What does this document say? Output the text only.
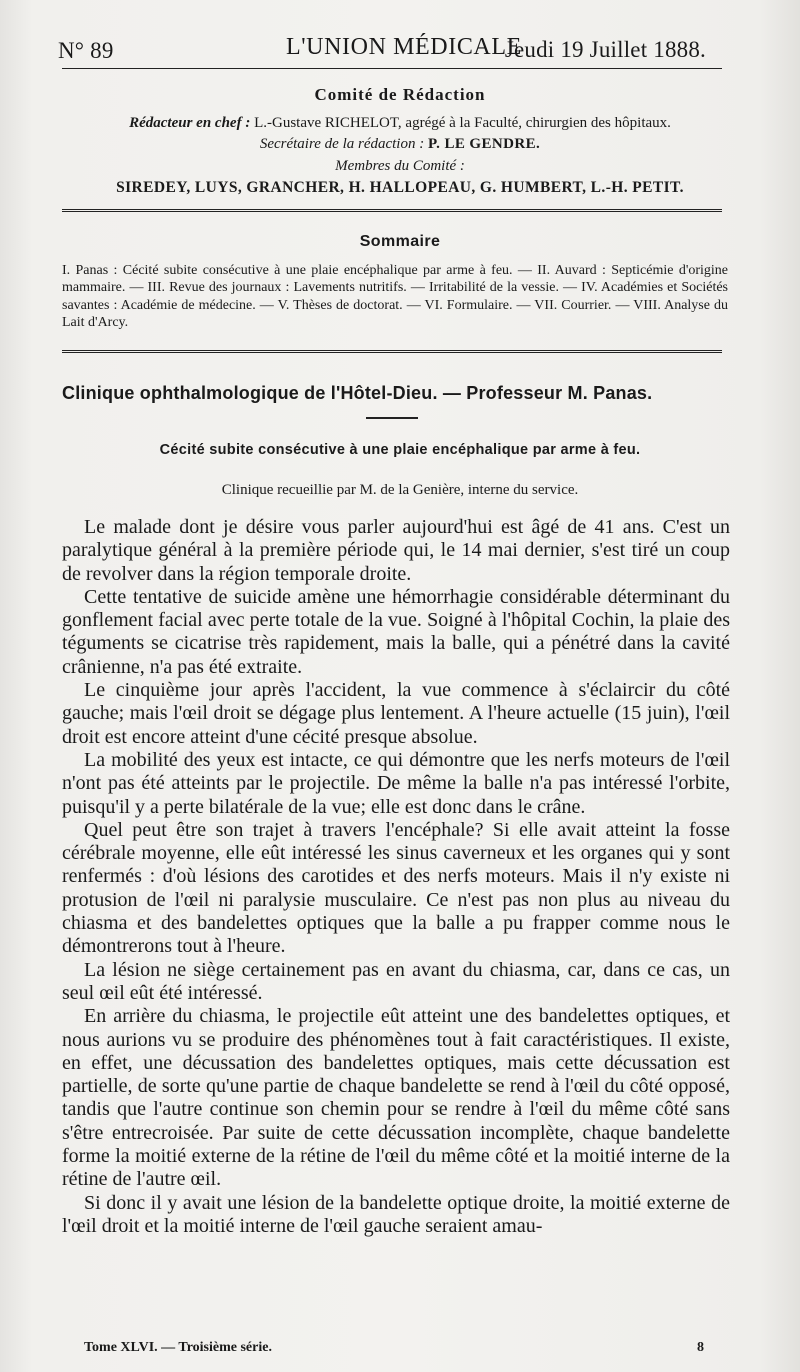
N° 89	L'UNION MÉDICALE
Jeudi 19 Juillet 1888.
Comité de Rédaction
Rédacteur en chef : L.-Gustave RICHELOT, agrégé à la Faculté, chirurgien des hôpitaux.
Secrétaire de la rédaction : P. LE GENDRE.
Membres du Comité :
SIREDEY, LUYS, GRANCHER, H. HALLOPEAU, G. HUMBERT, L.-H. PETIT.
Sommaire
I. Panas : Cécité subite consécutive à une plaie encéphalique par arme à feu. — II. Auvard : Septicémie d'origine mammaire. — III. Revue des journaux : Lavements nutritifs. — Irritabilité de la vessie. — IV. Académies et Sociétés savantes : Académie de médecine. — V. Thèses de doctorat. — VI. Formulaire. — VII. Courrier. — VIII. Analyse du Lait d'Arcy.
Clinique ophthalmologique de l'Hôtel-Dieu. — Professeur M. Panas.
Cécité subite consécutive à une plaie encéphalique par arme à feu.
Clinique recueillie par M. de la Genière, interne du service.

Le malade dont je désire vous parler aujourd'hui est âgé de 41 ans. C'est un paralytique général à la première période qui, le 14 mai dernier, s'est tiré un coup de revolver dans la région temporale droite.

Cette tentative de suicide amène une hémorrhagie considérable déterminant du gonflement facial avec perte totale de la vue. Soigné à l'hôpital Cochin, la plaie des téguments se cicatrise très rapidement, mais la balle, qui a pénétré dans la cavité crânienne, n'a pas été extraite.

Le cinquième jour après l'accident, la vue commence à s'éclaircir du côté gauche; mais l'œil droit se dégage plus lentement. A l'heure actuelle (15 juin), l'œil droit est encore atteint d'une cécité presque absolue.

La mobilité des yeux est intacte, ce qui démontre que les nerfs moteurs de l'œil n'ont pas été atteints par le projectile. De même la balle n'a pas intéressé l'orbite, puisqu'il y a perte bilatérale de la vue; elle est donc dans le crâne.

Quel peut être son trajet à travers l'encéphale? Si elle avait atteint la fosse cérébrale moyenne, elle eût intéressé les sinus caverneux et les organes qui y sont renfermés : d'où lésions des carotides et des nerfs moteurs. Mais il n'y existe ni protusion de l'œil ni paralysie musculaire. Ce n'est pas non plus au niveau du chiasma et des bandelettes optiques que la balle a pu frapper comme nous le démontrerons tout à l'heure.

La lésion ne siège certainement pas en avant du chiasma, car, dans ce cas, un seul œil eût été intéressé.

En arrière du chiasma, le projectile eût atteint une des bandelettes optiques, et nous aurions vu se produire des phénomènes tout à fait caractéristiques. Il existe, en effet, une décussation des bandelettes optiques, mais cette décussation est partielle, de sorte qu'une partie de chaque bandelette se rend à l'œil du côté opposé, tandis que l'autre continue son chemin pour se rendre à l'œil du même côté sans s'être entrecroisée. Par suite de cette décussation incomplète, chaque bandelette forme la moitié externe de la rétine de l'œil du même côté et la moitié interne de la rétine de l'autre œil.

Si donc il y avait une lésion de la bandelette optique droite, la moitié externe de l'œil droit et la moitié interne de l'œil gauche seraient amau-

Tome XLVI. — Troisième série.	8
